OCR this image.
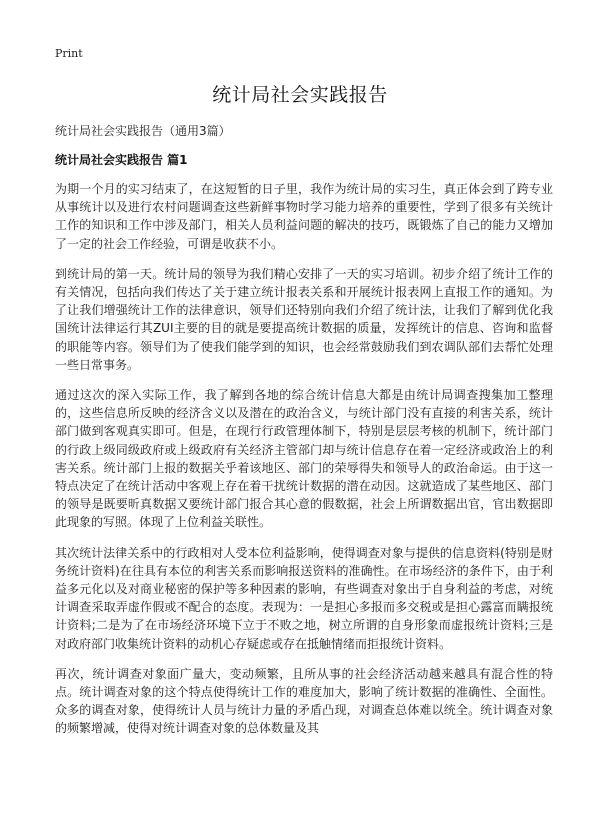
Print
统计局社会实践报告
统计局社会实践报告（通用3篇）
统计局社会实践报告 篇1

为期一个月的实习结束了，在这短暂的日子里，我作为统计局的实习生，真正体会到了跨专业从事统计以及进行农村问题调查这些新鲜事物时学习能力培养的重要性，学到了很多有关统计工作的知识和工作中涉及部门，相关人员利益问题的解决的技巧，既锻炼了自己的能力又增加了一定的社会工作经验，可谓是收获不小。

到统计局的第一天。统计局的领导为我们精心安排了一天的实习培训。初步介绍了统计工作的有关情况，包括向我们传达了关于建立统计报表关系和开展统计报表网上直报工作的通知。为了让我们增强统计工作的法律意识，领导们还特别向我们介绍了统计法，让我们了解到优化我国统计法律运行其ZUI主要的目的就是要提高统计数据的质量，发挥统计的信息、咨询和监督的职能等内容。领导们为了使我们能学到的知识，也会经常鼓励我们到农调队部们去帮忙处理一些日常事务。

通过这次的深入实际工作，我了解到各地的综合统计信息大都是由统计局调查搜集加工整理的，这些信息所反映的经济含义以及潜在的政治含义，与统计部门没有直接的利害关系，统计部门做到客观真实即可。但是，在现行行政管理体制下，特别是层层考核的机制下，统计部门的行政上级同级政府或上级政府有关经济主管部门却与统计信息存在着一定经济或政治上的利害关系。统计部门上报的数据关乎着该地区、部门的荣辱得失和领导人的政治命运。由于这一特点决定了在统计活动中客观上存在着干扰统计数据的潜在动因。这就造成了某些地区、部门的领导是既要昕真数据又要统计部门报合其心意的假数据，社会上所谓数据出官，官出数据即此现象的写照。体现了上位利益关联性。

其次统计法律关系中的行政相对人受本位利益影响，使得调查对象与提供的信息资料(特别是财务统计资料)在往具有本位的利害关系而影响报送资料的准确性。在市场经济的条件下，由于利益多元化以及对商业秘密的保护等多种因素的影响，有些调查对象出于自身利益的考虑，对统计调查采取弄虚作假或不配合的态度。表现为：一是担心多报而多交税或是担心露富而瞒报统计资料;二是为了在市场经济环境下立于不败之地，树立所谓的自身形象而虚报统计资料;三是对政府部门收集统计资料的动机心存疑虑或存在抵触情绪而拒报统计资料。

再次，统计调查对象面广量大，变动频繁，且所从事的社会经济活动越来越具有混合性的特点。统计调查对象的这个特点使得统计工作的难度加大，影响了统计数据的准确性、全面性。众多的调查对象，使得统计人员与统计力量的矛盾凸现，对调查总体难以统全。统计调查对象的频繁增减，使得对统计调查对象的总体数量及其
